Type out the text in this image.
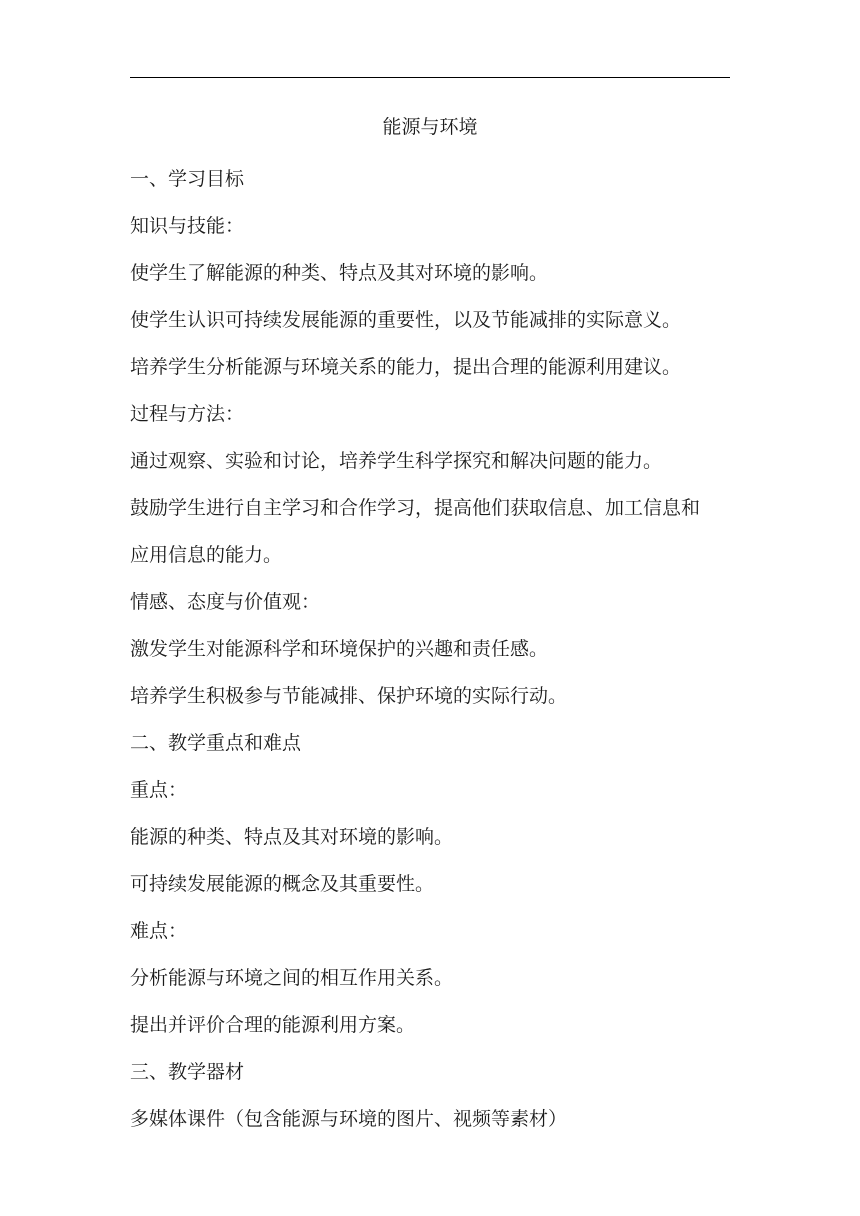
能源与环境

一、学习目标

知识与技能：

使学生了解能源的种类、特点及其对环境的影响。

使学生认识可持续发展能源的重要性，以及节能减排的实际意义。

培养学生分析能源与环境关系的能力，提出合理的能源利用建议。

过程与方法：

通过观察、实验和讨论，培养学生科学探究和解决问题的能力。

鼓励学生进行自主学习和合作学习，提高他们获取信息、加工信息和

应用信息的能力。

情感、态度与价值观：

激发学生对能源科学和环境保护的兴趣和责任感。

培养学生积极参与节能减排、保护环境的实际行动。

二、教学重点和难点

重点：

能源的种类、特点及其对环境的影响。

可持续发展能源的概念及其重要性。

难点：

分析能源与环境之间的相互作用关系。

提出并评价合理的能源利用方案。

三、教学器材

多媒体课件（包含能源与环境的图片、视频等素材）
